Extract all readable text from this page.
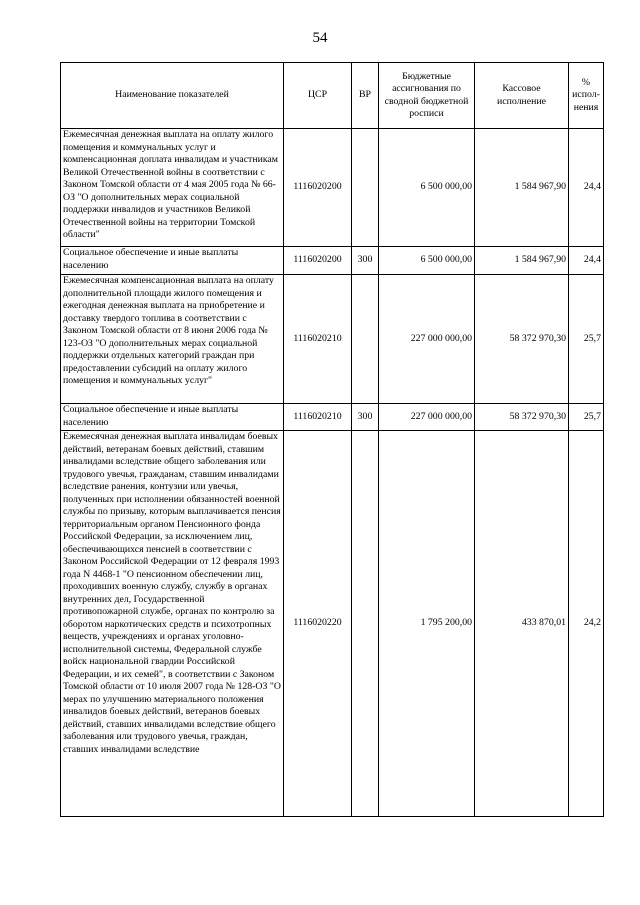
54
Наименование показателей	ЦСР	ВР	Бюджетные ассигнования по сводной бюджетной росписи	Кассовое исполнение	% испол-нения

Ежемесячная денежная выплата на оплату жилого помещения и коммунальных услуг и компенсационная доплата инвалидам и участникам Великой Отечественной войны в соответствии с Законом Томской области от 4 мая 2005 года № 66-ОЗ "О дополнительных мерах социальной поддержки инвалидов и участников Великой Отечественной войны на территории Томской области"	1116020200		6 500 000,00	1 584 967,90	24,4

Социальное обеспечение и иные выплаты населению	1116020200	300	6 500 000,00	1 584 967,90	24,4

Ежемесячная компенсационная выплата на оплату дополнительной площади жилого помещения и ежегодная денежная выплата на приобретение и доставку твердого топлива в соответствии с Законом Томской области от 8 июня 2006 года № 123-ОЗ "О дополнительных мерах социальной поддержки отдельных категорий граждан при предоставлении субсидий на оплату жилого помещения и коммунальных услуг"	1116020210		227 000 000,00	58 372 970,30	25,7

Социальное обеспечение и иные выплаты населению	1116020210	300	227 000 000,00	58 372 970,30	25,7

Ежемесячная денежная выплата инвалидам боевых действий, ветеранам боевых действий, ставшим инвалидами вследствие общего заболевания или трудового увечья, гражданам, ставшим инвалидами вследствие ранения, контузии или увечья, полученных при исполнении обязанностей военной службы по призыву, которым выплачивается пенсия территориальным органом Пенсионного фонда Российской Федерации, за исключением лиц, обеспечивающихся пенсией в соответствии с Законом Российской Федерации от 12 февраля 1993 года N 4468-1 "О пенсионном обеспечении лиц, проходивших военную службу, службу в органах внутренних дел, Государственной противопожарной службе, органах по контролю за оборотом наркотических средств и психотропных веществ, учреждениях и органах уголовно-исполнительной системы, Федеральной службе войск национальной гвардии Российской Федерации, и их семей", в соответствии с Законом Томской области от 10 июля 2007 года № 128-ОЗ "О мерах по улучшению материального положения инвалидов боевых действий, ветеранов боевых действий, ставших инвалидами вследствие общего заболевания или трудового увечья, граждан, ставших инвалидами вследствие	1116020220		1 795 200,00	433 870,01	24,2
